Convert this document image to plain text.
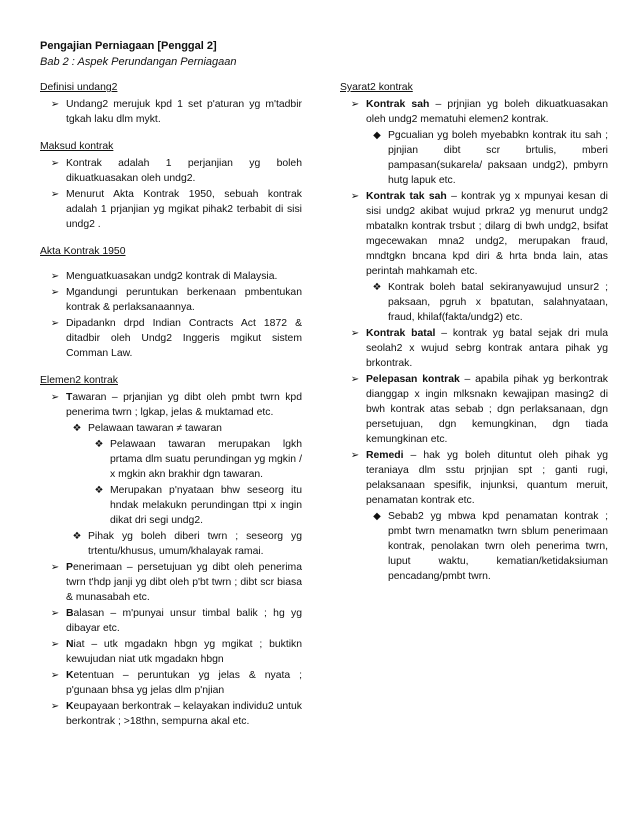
Pengajian Perniagaan [Penggal 2]
Bab 2 : Aspek Perundangan Perniagaan
Definisi undang2
➢ Undang2 merujuk kpd 1 set p'aturan yg m'tadbir tgkah laku dlm mykt.
Maksud kontrak
➢ Kontrak adalah 1 perjanjian yg boleh dikuatkuasakan oleh undg2.
➢ Menurut Akta Kontrak 1950, sebuah kontrak adalah 1 prjanjian yg mgikat pihak2 terbabit di sisi undg2 .
Akta Kontrak 1950
➢ Menguatkuasakan undg2 kontrak di Malaysia.
➢ Mgandungi peruntukan berkenaan pmbentukan kontrak & perlaksanaannya.
➢ Dipadankn drpd Indian Contracts Act 1872 & ditadbir oleh Undg2 Inggeris mgikut sistem Comman Law.
Elemen2 kontrak
➢ Tawaran – prjanjian yg dibt oleh pmbt twrn kpd penerima twrn ; lgkap, jelas & muktamad etc.
❖ Pelawaan tawaran ≠ tawaran
❖ Pelawaan tawaran merupakan lgkh prtama dlm suatu perundingan yg mgkin / x mgkin akn brakhir dgn tawaran.
❖ Merupakan p'nyataan bhw seseorg itu hndak melakukn perundingan ttpi x ingin dikat dri segi undg2.
❖ Pihak yg boleh diberi twrn ; seseorg yg trtentu/khusus, umum/khalayak ramai.
➢ Penerimaan – persetujuan yg dibt oleh penerima twrn t'hdp janji yg dibt oleh p'bt twrn ; dibt scr biasa & munasabah etc.
➢ Balasan – m'punyai unsur timbal balik ; hg yg dibayar etc.
➢ Niat – utk mgadakn hbgn yg mgikat ; buktikn kewujudan niat utk mgadakn hbgn
➢ Ketentuan – peruntukan yg jelas & nyata ; p'gunaan bhsa yg jelas dlm p'njian
➢ Keupayaan berkontrak – kelayakan individu2 untuk berkontrak ; >18thn, sempurna akal etc.
Syarat2 kontrak
➢ Kontrak sah – prjnjian yg boleh dikuatkuasakan oleh undg2 mematuhi elemen2 kontrak.
◆ Pgcualian yg boleh myebabkn kontrak itu sah ; pjnjian dibt scr brtulis, mberi pampasan(sukarela/ paksaan undg2), pmbyrn hutg lapuk etc.
➢ Kontrak tak sah – kontrak yg x mpunyai kesan di sisi undg2 akibat wujud prkra2 yg menurut undg2 mbatalkn kontrak trsbut ; dilarg di bwh undg2, bsifat mgecewakan mna2 undg2, merupakan fraud, mndtgkn bncana kpd diri & hrta bnda lain, atas perintah mahkamah etc.
❖ Kontrak boleh batal sekiranyawujud unsur2 ; paksaan, pgruh x bpatutan, salahnyataan, fraud, khilaf(fakta/undg2) etc.
➢ Kontrak batal – kontrak yg batal sejak dri mula seolah2 x wujud sebrg kontrak antara pihak yg brkontrak.
➢ Pelepasan kontrak – apabila pihak yg berkontrak dianggap x ingin mlksnakn kewajipan masing2 di bwh kontrak atas sebab ; dgn perlaksanaan, dgn persetujuan, dgn kemungkinan, dgn tiada kemungkinan etc.
➢ Remedi – hak yg boleh dituntut oleh pihak yg teraniaya dlm sstu prjnjian spt ; ganti rugi, pelaksanaan spesifik, injunksi, quantum meruit, penamatan kontrak etc.
◆ Sebab2 yg mbwa kpd penamatan kontrak ; pmbt twrn menamatkn twrn sblum penerimaan kontrak, penolakan twrn oleh penerima twrn, luput waktu, kematian/ketidaksiuman pencadang/pmbt twrn.
